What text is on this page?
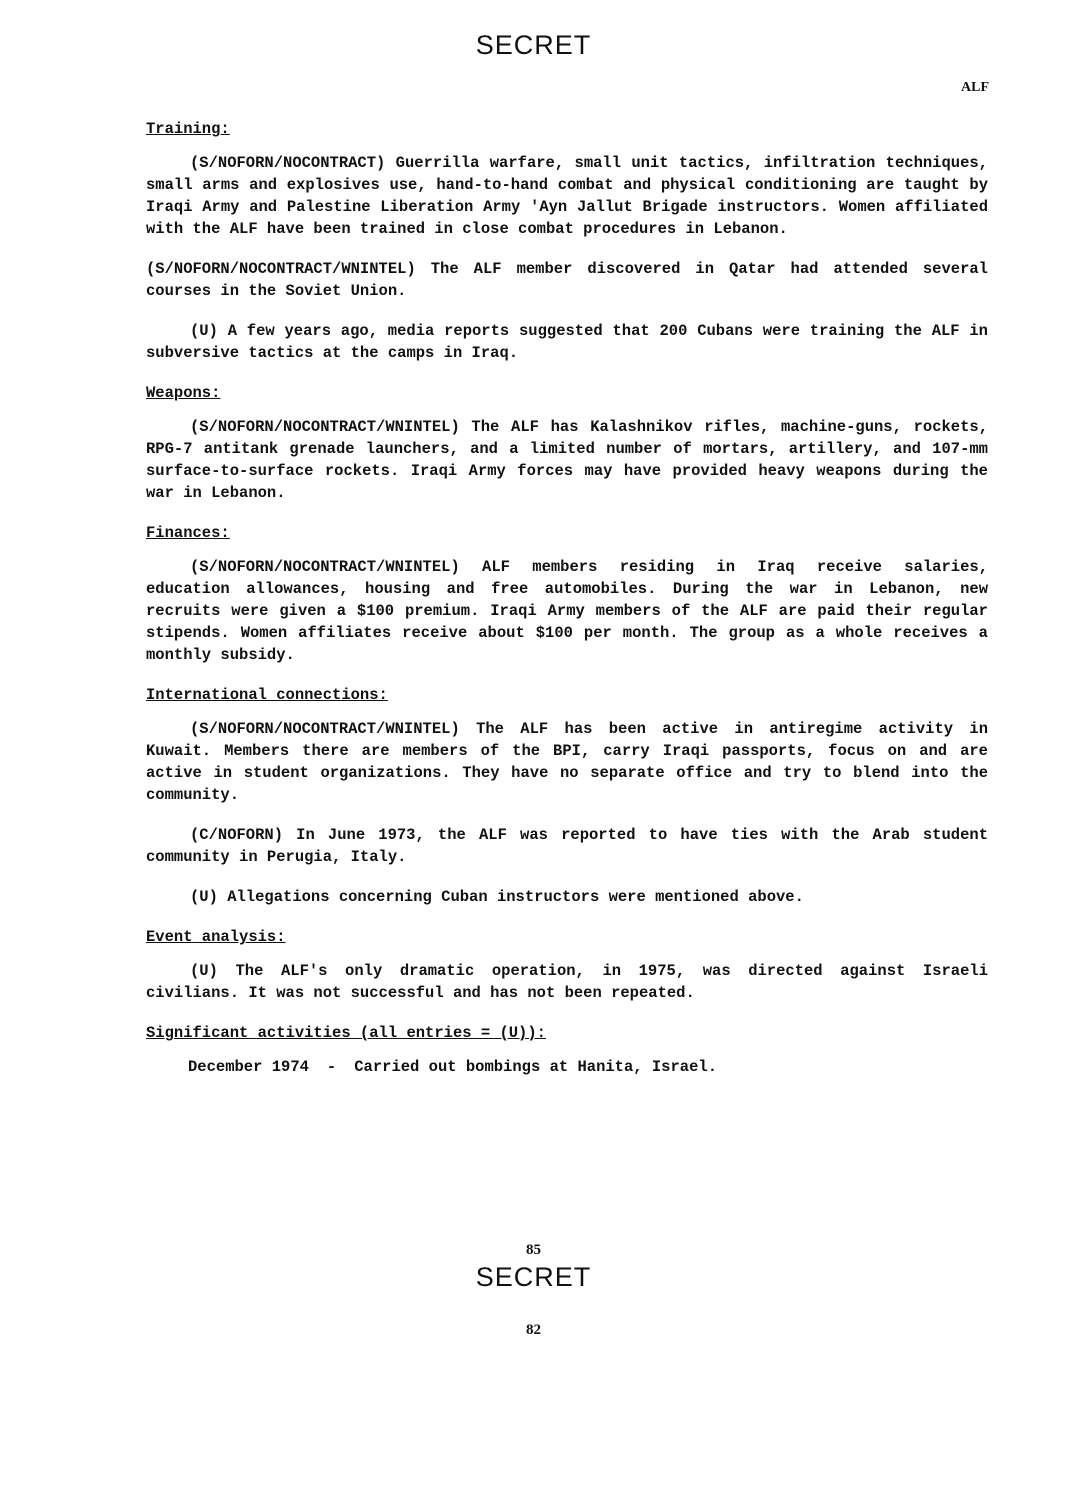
SECRET
ALF
Training:

(S/NOFORN/NOCONTRACT) Guerrilla warfare, small unit tactics, infiltration techniques, small arms and explosives use, hand-to-hand combat and physical conditioning are taught by Iraqi Army and Palestine Liberation Army 'Ayn Jallut Brigade instructors. Women affiliated with the ALF have been trained in close combat procedures in Lebanon.

(S/NOFORN/NOCONTRACT/WNINTEL) The ALF member discovered in Qatar had attended several courses in the Soviet Union.

(U) A few years ago, media reports suggested that 200 Cubans were training the ALF in subversive tactics at the camps in Iraq.

Weapons:

(S/NOFORN/NOCONTRACT/WNINTEL) The ALF has Kalashnikov rifles, machine-guns, rockets, RPG-7 antitank grenade launchers, and a limited number of mortars, artillery, and 107-mm surface-to-surface rockets. Iraqi Army forces may have provided heavy weapons during the war in Lebanon.

Finances:

(S/NOFORN/NOCONTRACT/WNINTEL) ALF members residing in Iraq receive salaries, education allowances, housing and free automobiles. During the war in Lebanon, new recruits were given a $100 premium. Iraqi Army members of the ALF are paid their regular stipends. Women affiliates receive about $100 per month. The group as a whole receives a monthly subsidy.

International connections:

(S/NOFORN/NOCONTRACT/WNINTEL) The ALF has been active in antiregime activity in Kuwait. Members there are members of the BPI, carry Iraqi passports, focus on and are active in student organizations. They have no separate office and try to blend into the community.

(C/NOFORN) In June 1973, the ALF was reported to have ties with the Arab student community in Perugia, Italy.

(U) Allegations concerning Cuban instructors were mentioned above.

Event analysis:

(U) The ALF's only dramatic operation, in 1975, was directed against Israeli civilians. It was not successful and has not been repeated.

Significant activities (all entries = (U)):

December 1974 - Carried out bombings at Hanita, Israel.

85
SECRET
82
